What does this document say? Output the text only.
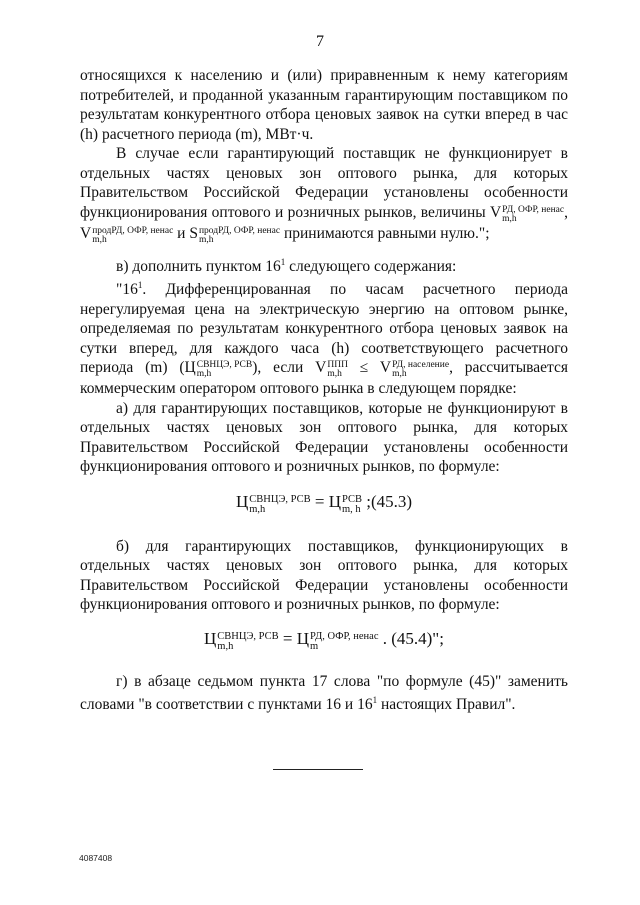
7

относящихся к населению и (или) приравненным к нему категориям потребителей, и проданной указанным гарантирующим поставщиком по результатам конкурентного отбора ценовых заявок на сутки вперед в час (h) расчетного периода (m), МВт·ч.

В случае если гарантирующий поставщик не функционирует в отдельных частях ценовых зон оптового рынка, для которых Правительством Российской Федерации установлены особенности функционирования оптового и розничных рынков, величины V РД, ОФР, ненас
m,h	, V продРД, ОФР, ненас
m,h	и S продРД, ОФР, ненас
m,h	принимаются равными нулю.";

в) дополнить пунктом $16^1$ следующего содержания:

"$16^1$. Дифференцированная по часам расчетного периода нерегулируемая цена на электрическую энергию на оптовом рынке, определяемая по результатам конкурентного отбора ценовых заявок на сутки вперед, для каждого часа (h) соответствующего расчетного периода (m) (Ц СВНЦЭ, РСВ
m,h	), если V ППП
m,h ≤ V РД, население
m,h	, рассчитывается коммерческим оператором оптового рынка в следующем порядке:

а) для гарантирующих поставщиков, которые не функционируют в отдельных частях ценовых зон оптового рынка, для которых Правительством Российской Федерации установлены особенности функционирования оптового и розничных рынков, по формуле:

Ц СВНЦЭ, РСВ
m,h	= Ц РСВ
m, h ;(45.3)

б) для гарантирующих поставщиков, функционирующих в отдельных частях ценовых зон оптового рынка, для которых Правительством Российской Федерации установлены особенности функционирования оптового и розничных рынков, по формуле:

Ц СВНЦЭ, РСВ
m,h	= Ц РД, ОФР, ненас
m	. (45.4)";

г) в абзаце седьмом пункта 17 слова "по формуле (45)" заменить словами "в соответствии с пунктами 16 и $16^1$ настоящих Правил".

4087408
